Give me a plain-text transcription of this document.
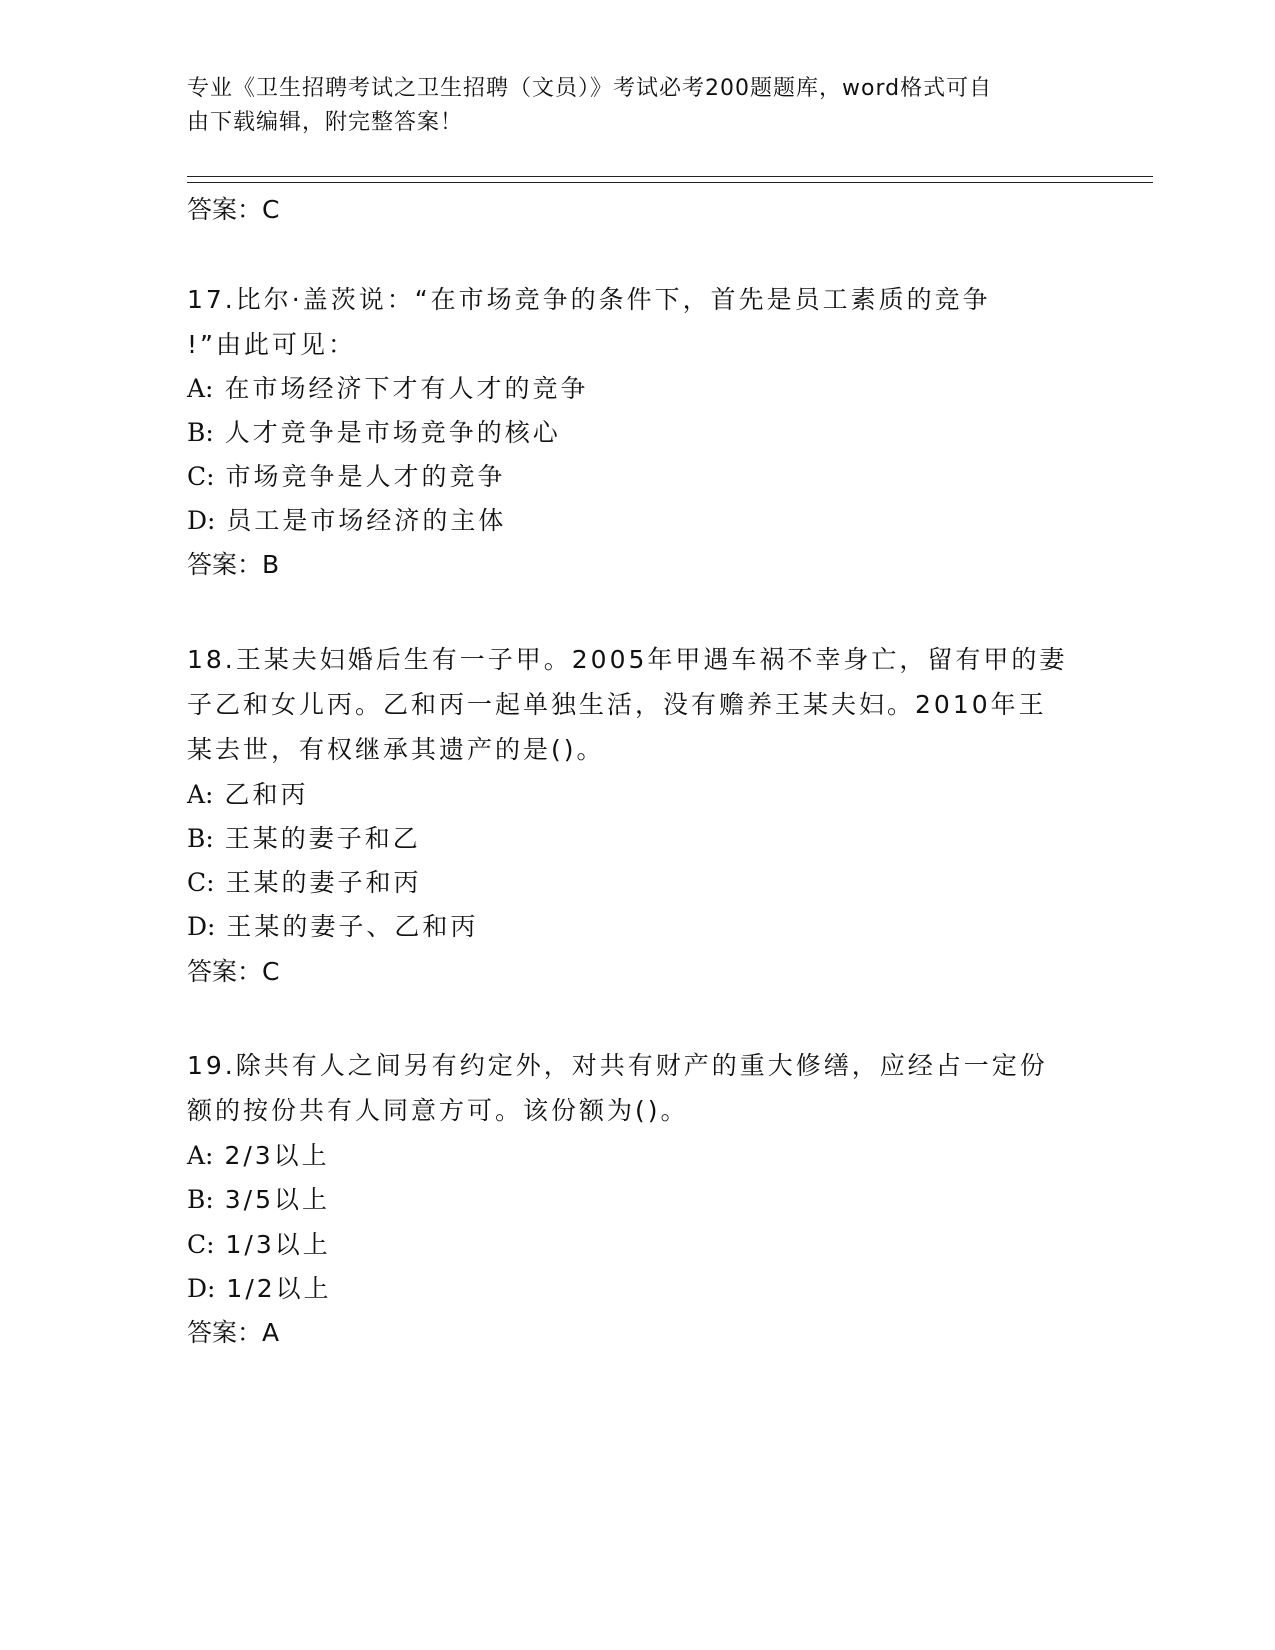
专业《卫生招聘考试之卫生招聘（文员）》考试必考200题题库，word格式可自
由下载编辑，附完整答案！
答案：C
17.比尔·盖茨说：“在市场竞争的条件下，首先是员工素质的竞争
!”由此可见：
A: 在市场经济下才有人才的竞争
B: 人才竞争是市场竞争的核心
C: 市场竞争是人才的竞争
D: 员工是市场经济的主体
答案：B
18.王某夫妇婚后生有一子甲。2005年甲遇车祸不幸身亡，留有甲的妻
子乙和女儿丙。乙和丙一起单独生活，没有赡养王某夫妇。2010年王
某去世，有权继承其遗产的是()。
A: 乙和丙
B: 王某的妻子和乙
C: 王某的妻子和丙
D: 王某的妻子、乙和丙
答案：C
19.除共有人之间另有约定外，对共有财产的重大修缮，应经占一定份
额的按份共有人同意方可。该份额为()。
A: 2/3以上
B: 3/5以上
C: 1/3以上
D: 1/2以上
答案：A
